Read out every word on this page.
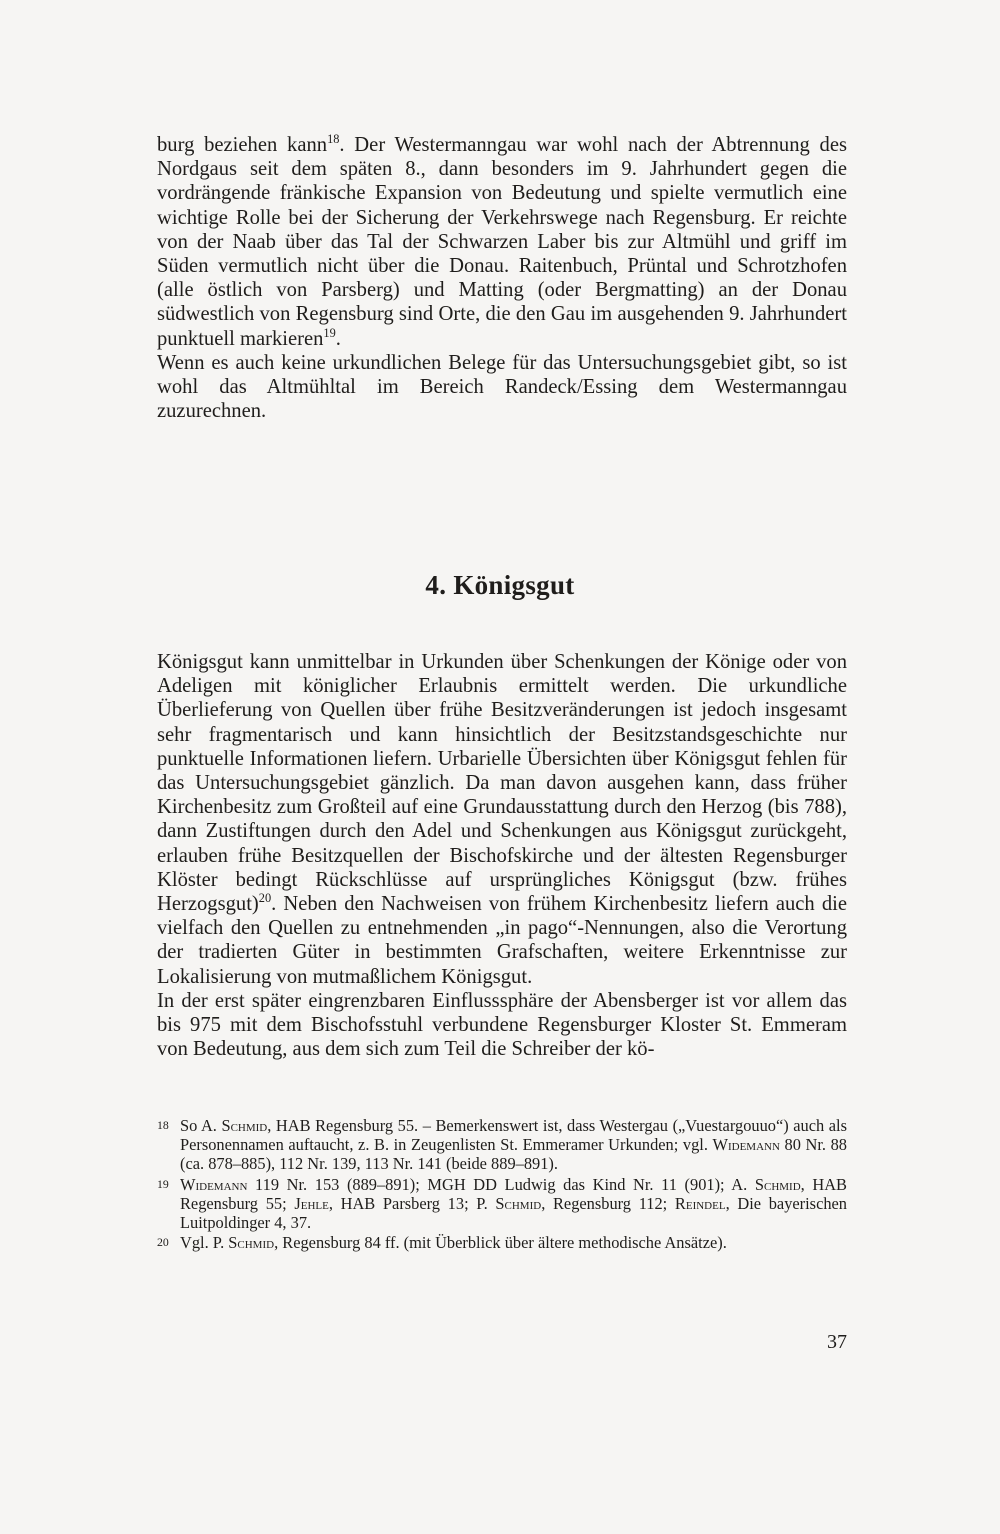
burg beziehen kann$^{18}$. Der Westermanngau war wohl nach der Abtrennung des Nordgaus seit dem späten 8., dann besonders im 9. Jahrhundert gegen die vordrängende fränkische Expansion von Bedeutung und spielte vermutlich eine wichtige Rolle bei der Sicherung der Verkehrswege nach Regensburg. Er reichte von der Naab über das Tal der Schwarzen Laber bis zur Altmühl und griff im Süden vermutlich nicht über die Donau. Raitenbuch, Prüntal und Schrotzhofen (alle östlich von Parsberg) und Matting (oder Bergmatting) an der Donau südwestlich von Regensburg sind Orte, die den Gau im ausgehenden 9. Jahrhundert punktuell markieren$^{19}$.

Wenn es auch keine urkundlichen Belege für das Untersuchungsgebiet gibt, so ist wohl das Altmühltal im Bereich Randeck/Essing dem Westermanngau zuzurechnen.

4. Königsgut

Königsgut kann unmittelbar in Urkunden über Schenkungen der Könige oder von Adeligen mit königlicher Erlaubnis ermittelt werden. Die urkundliche Überlieferung von Quellen über frühe Besitzveränderungen ist jedoch insgesamt sehr fragmentarisch und kann hinsichtlich der Besitzstandsgeschichte nur punktuelle Informationen liefern. Urbarielle Übersichten über Königsgut fehlen für das Untersuchungsgebiet gänzlich. Da man davon ausgehen kann, dass früher Kirchenbesitz zum Großteil auf eine Grundausstattung durch den Herzog (bis 788), dann Zustiftungen durch den Adel und Schenkungen aus Königsgut zurückgeht, erlauben frühe Besitzquellen der Bischofskirche und der ältesten Regensburger Klöster bedingt Rückschlüsse auf ursprüngliches Königsgut (bzw. frühes Herzogsgut)$^{20}$. Neben den Nachweisen von frühem Kirchenbesitz liefern auch die vielfach den Quellen zu entnehmenden „in pago“-Nennungen, also die Verortung der tradierten Güter in bestimmten Grafschaften, weitere Erkenntnisse zur Lokalisierung von mutmaßlichem Königsgut.

In der erst später eingrenzbaren Einflusssphäre der Abensberger ist vor allem das bis 975 mit dem Bischofsstuhl verbundene Regensburger Kloster St. Emmeram von Bedeutung, aus dem sich zum Teil die Schreiber der kö-

18 So A. Schmid, HAB Regensburg 55. – Bemerkenswert ist, dass Westergau („Vuestargouuo“) auch als Personennamen auftaucht, z. B. in Zeugenlisten St. Emmeramer Urkunden; vgl. Widemann 80 Nr. 88 (ca. 878–885), 112 Nr. 139, 113 Nr. 141 (beide 889–891).
19 Widemann 119 Nr. 153 (889–891); MGH DD Ludwig das Kind Nr. 11 (901); A. Schmid, HAB Regensburg 55; Jehle, HAB Parsberg 13; P. Schmid, Regensburg 112; Reindel, Die bayerischen Luitpoldinger 4, 37.
20 Vgl. P. Schmid, Regensburg 84 ff. (mit Überblick über ältere methodische Ansätze).
37
